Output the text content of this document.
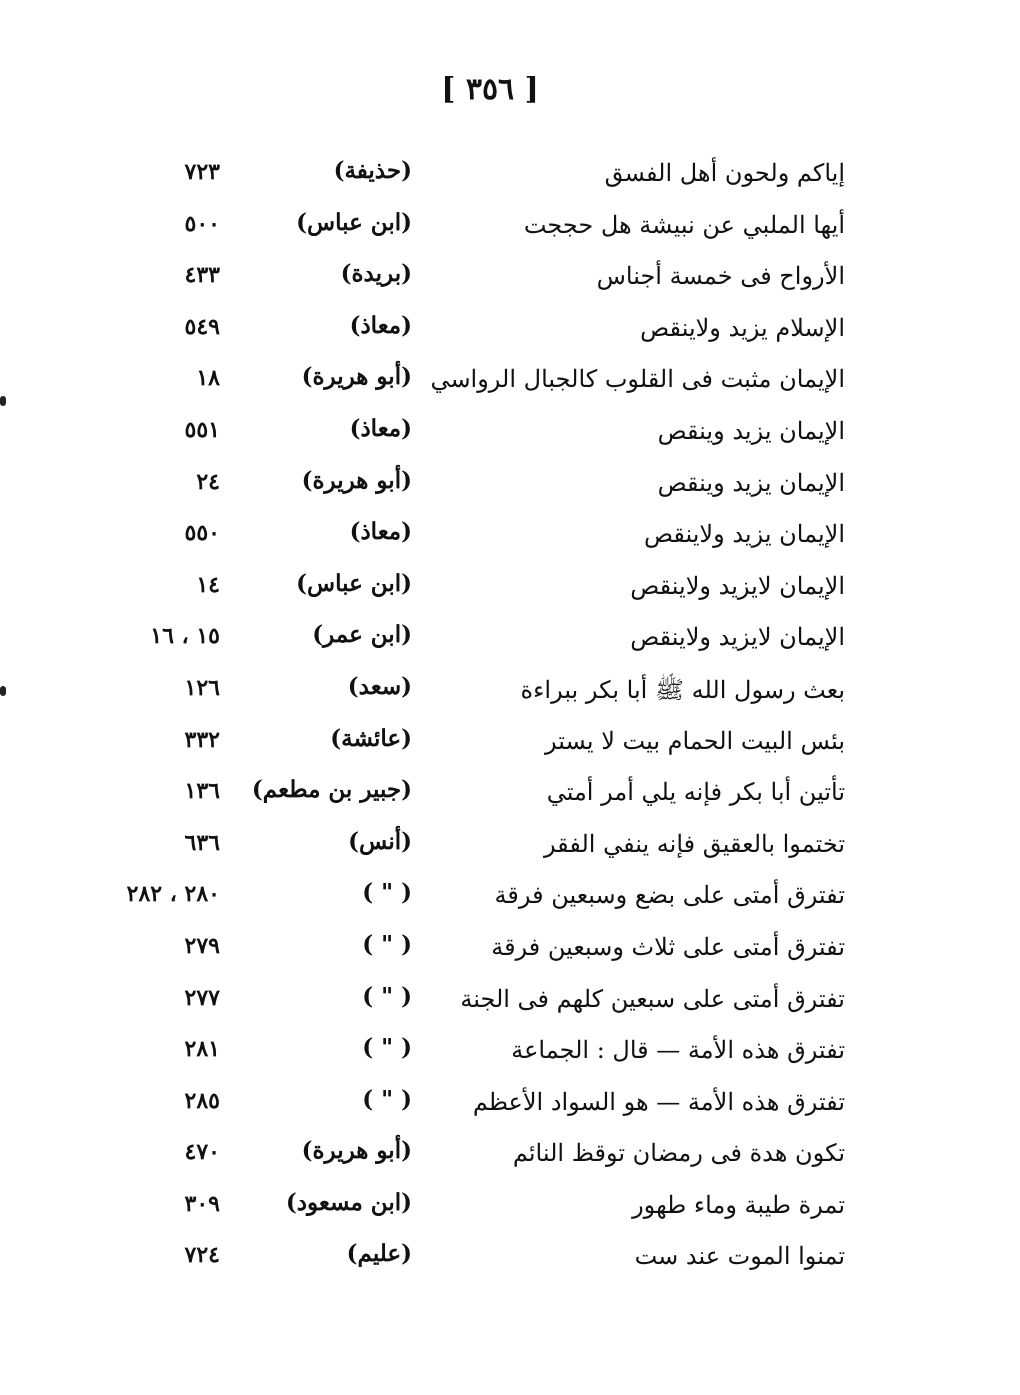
[ ٣٥٦ ]
إياكم ولحون أهل الفسق
(حذيفة)
٧٢٣
أيها الملبي عن نبيشة هل حججت
(ابن عباس)
٥٠٠
الأرواح فى خمسة أجناس
(بريدة)
٤٣٣
الإسلام يزيد ولاينقص
(معاذ)
٥٤٩
الإيمان مثبت فى القلوب كالجبال الرواسي
(أبو هريرة)
١٨
الإيمان يزيد وينقص
(معاذ)
٥٥١
الإيمان يزيد وينقص
(أبو هريرة)
٢٤
الإيمان يزيد ولاينقص
(معاذ)
٥٥٠
الإيمان لايزيد ولاينقص
(ابن عباس)
١٤
الإيمان لايزيد ولاينقص
(ابن عمر)
١٥ ، ١٦
بعث رسول الله ﷺ أبا بكر ببراءة
(سعد)
١٢٦
بئس البيت الحمام بيت لا يستر
(عائشة)
٣٣٢
تأتين أبا بكر فإنه يلي أمر أمتي
(جبير بن مطعم)
١٣٦
تختموا بالعقيق فإنه ينفي الفقر
(أنس)
٦٣٦
تفترق أمتى على بضع وسبعين فرقة
( " )
٢٨٠ ، ٢٨٢
تفترق أمتى على ثلاث وسبعين فرقة
( " )
٢٧٩
تفترق أمتى على سبعين كلهم فى الجنة
( " )
٢٧٧
تفترق هذه الأمة — قال : الجماعة
( " )
٢٨١
تفترق هذه الأمة — هو السواد الأعظم
( " )
٢٨٥
تكون هدة فى رمضان توقظ النائم
(أبو هريرة)
٤٧٠
تمرة طيبة وماء طهور
(ابن مسعود)
٣٠٩
تمنوا الموت عند ست
(عليم)
٧٢٤
